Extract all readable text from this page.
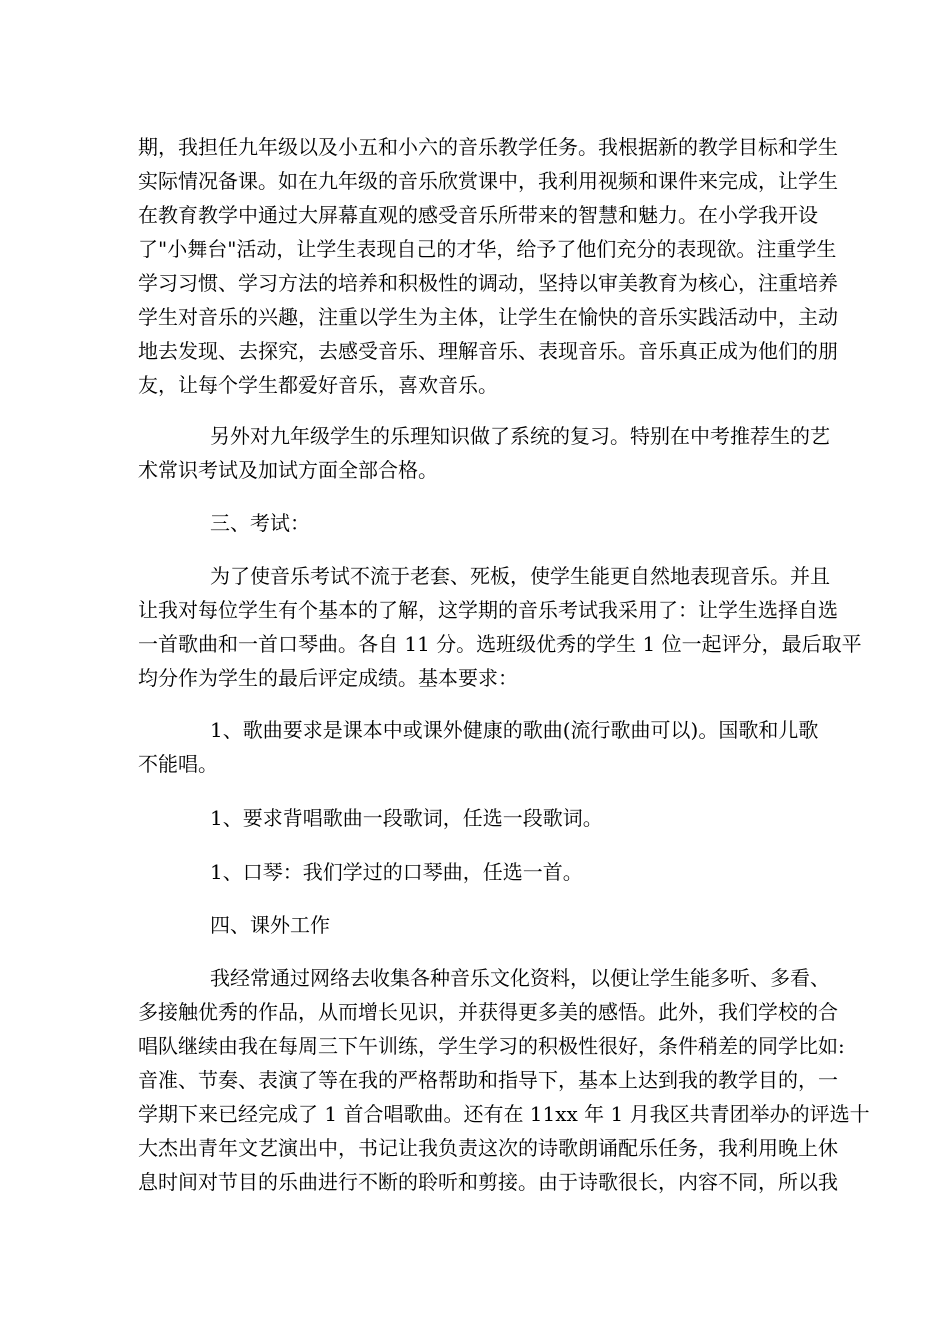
期，我担任九年级以及小五和小六的音乐教学任务。我根据新的教学目标和学生
实际情况备课。如在九年级的音乐欣赏课中，我利用视频和课件来完成，让学生
在教育教学中通过大屏幕直观的感受音乐所带来的智慧和魅力。在小学我开设
了"小舞台"活动，让学生表现自己的才华，给予了他们充分的表现欲。注重学生
学习习惯、学习方法的培养和积极性的调动，坚持以审美教育为核心，注重培养
学生对音乐的兴趣，注重以学生为主体，让学生在愉快的音乐实践活动中，主动
地去发现、去探究，去感受音乐、理解音乐、表现音乐。音乐真正成为他们的朋
友，让每个学生都爱好音乐，喜欢音乐。
另外对九年级学生的乐理知识做了系统的复习。特别在中考推荐生的艺
术常识考试及加试方面全部合格。
三、考试：
为了使音乐考试不流于老套、死板，使学生能更自然地表现音乐。并且
让我对每位学生有个基本的了解，这学期的音乐考试我采用了：让学生选择自选
一首歌曲和一首口琴曲。各自 11 分。选班级优秀的学生 1 位一起评分，最后取平
均分作为学生的最后评定成绩。基本要求：
1、歌曲要求是课本中或课外健康的歌曲(流行歌曲可以)。国歌和儿歌
不能唱。
1、要求背唱歌曲一段歌词，任选一段歌词。
1、口琴：我们学过的口琴曲，任选一首。
四、课外工作
我经常通过网络去收集各种音乐文化资料，以便让学生能多听、多看、
多接触优秀的作品，从而增长见识，并获得更多美的感悟。此外，我们学校的合
唱队继续由我在每周三下午训练，学生学习的积极性很好，条件稍差的同学比如:
音准、节奏、表演了等在我的严格帮助和指导下，基本上达到我的教学目的，一
学期下来已经完成了 1 首合唱歌曲。还有在 11xx 年 1 月我区共青团举办的评选十
大杰出青年文艺演出中，书记让我负责这次的诗歌朗诵配乐任务，我利用晚上休
息时间对节目的乐曲进行不断的聆听和剪接。由于诗歌很长，内容不同，所以我
